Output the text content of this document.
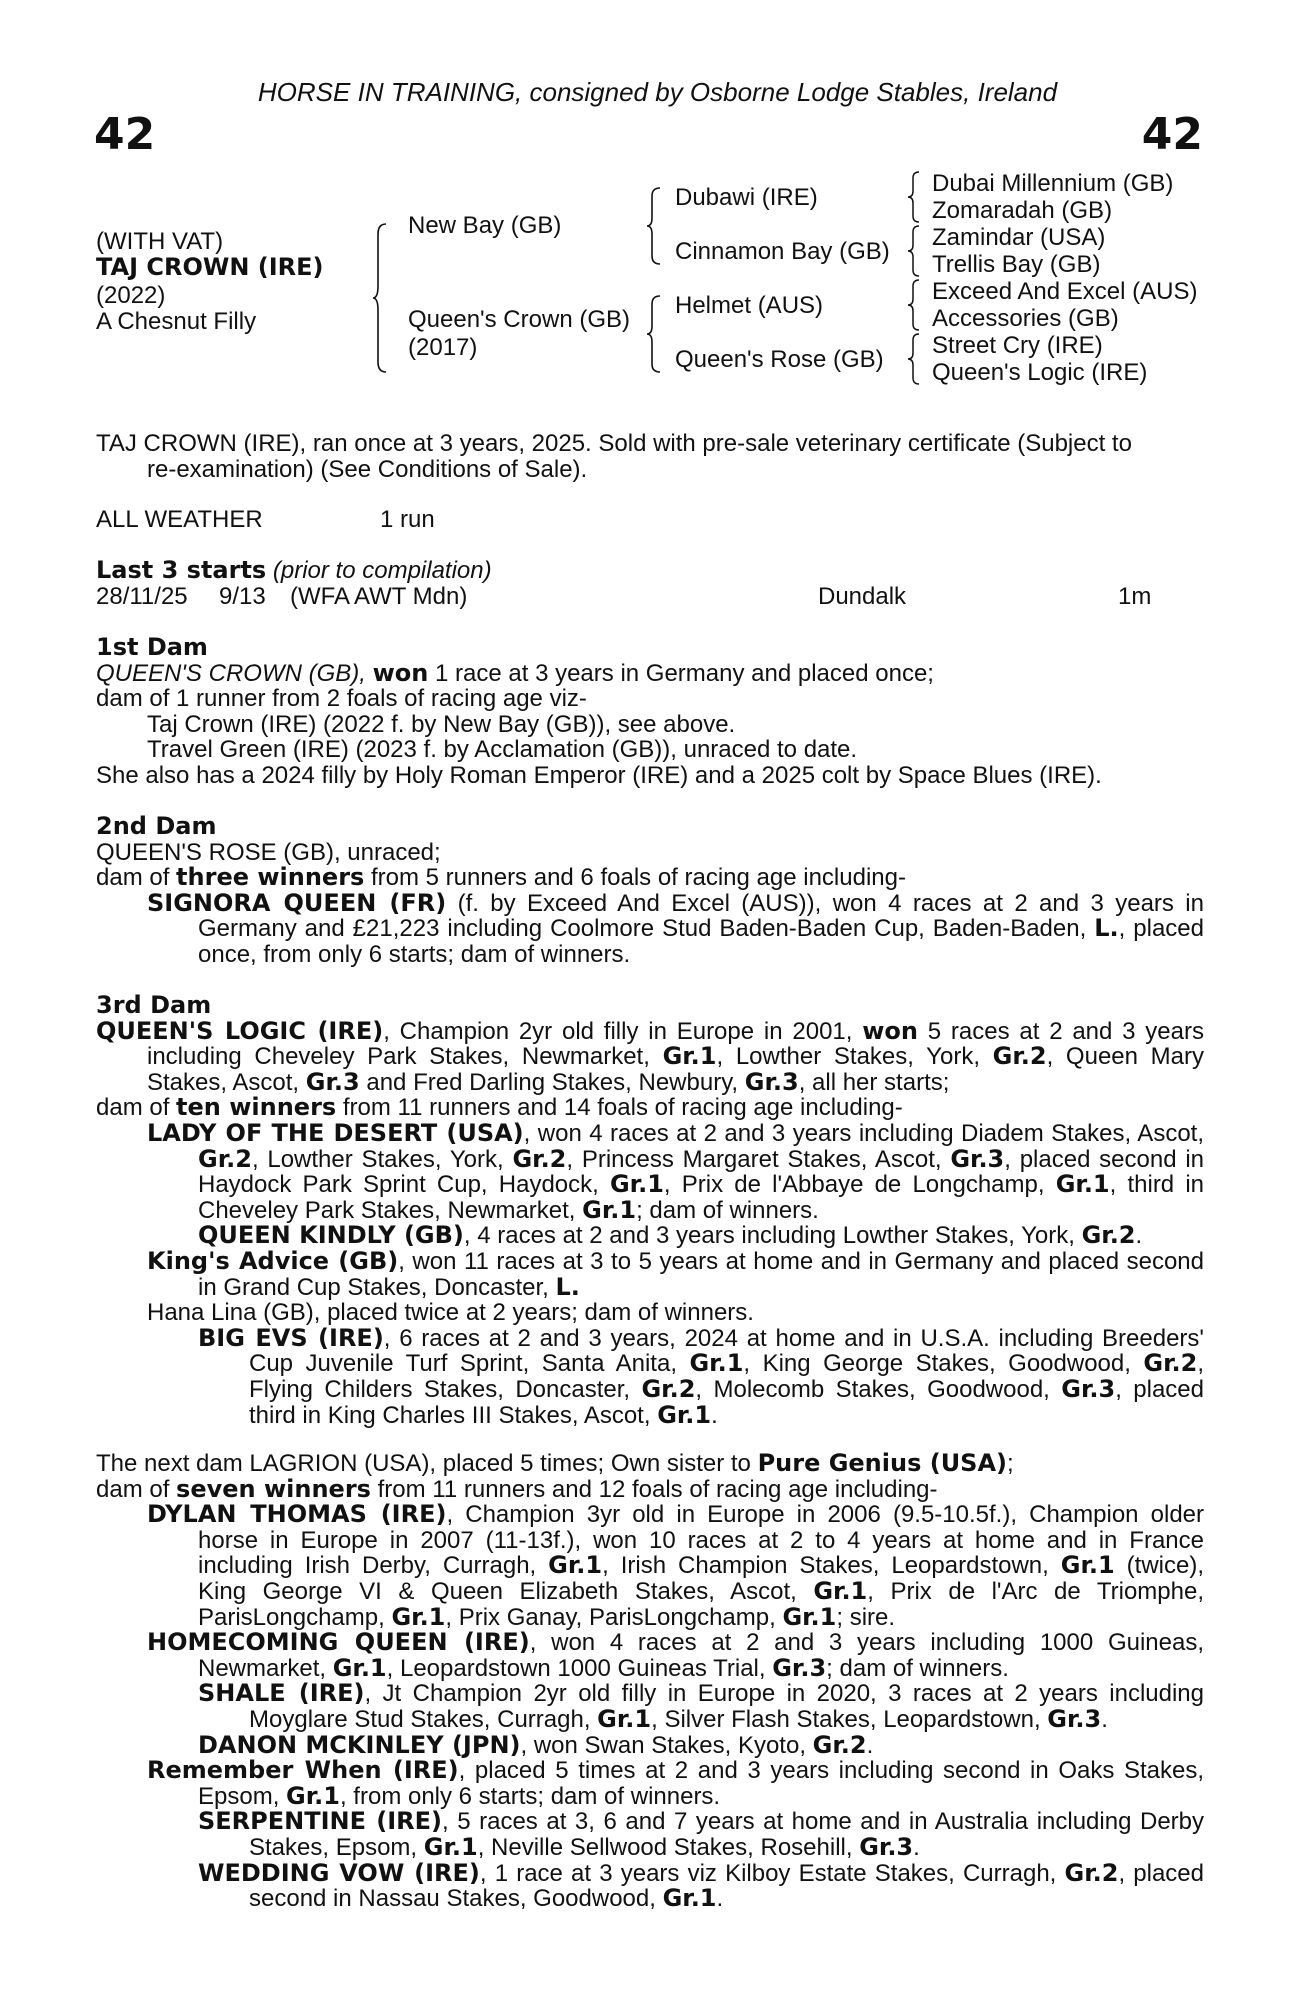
HORSE IN TRAINING, consigned by Osborne Lodge Stables, Ireland
42	42
(WITH VAT)
TAJ CROWN (IRE)
(2022)
A Chesnut Filly
New Bay (GB)
Queen's Crown (GB)
(2017)
Dubawi (IRE)
Cinnamon Bay (GB)
Helmet (AUS)
Queen's Rose (GB)
Dubai Millennium (GB)
Zomaradah (GB)
Zamindar (USA)
Trellis Bay (GB)
Exceed And Excel (AUS)
Accessories (GB)
Street Cry (IRE)
Queen's Logic (IRE)

TAJ CROWN (IRE), ran once at 3 years, 2025. Sold with pre-sale veterinary certificate (Subject to

re-examination) (See Conditions of Sale).

ALL WEATHER	1 run
Last 3 starts (prior to compilation)
28/11/25 9/13 (WFA AWT Mdn)	Dundalk	1m

1st Dam

QUEEN'S CROWN (GB), won 1 race at 3 years in Germany and placed once;

dam of 1 runner from 2 foals of racing age viz-

Taj Crown (IRE) (2022 f. by New Bay (GB)), see above.

Travel Green (IRE) (2023 f. by Acclamation (GB)), unraced to date.

She also has a 2024 filly by Holy Roman Emperor (IRE) and a 2025 colt by Space Blues (IRE).

2nd Dam

QUEEN'S ROSE (GB), unraced;

dam of three winners from 5 runners and 6 foals of racing age including-

SIGNORA QUEEN (FR) (f. by Exceed And Excel (AUS)), won 4 races at 2 and 3 years in Germany and £21,223 including Coolmore Stud Baden-Baden Cup, Baden-Baden, L., placed once, from only 6 starts; dam of winners.

3rd Dam

QUEEN'S LOGIC (IRE), Champion 2yr old filly in Europe in 2001, won 5 races at 2 and 3 years including Cheveley Park Stakes, Newmarket, Gr.1, Lowther Stakes, York, Gr.2, Queen Mary Stakes, Ascot, Gr.3 and Fred Darling Stakes, Newbury, Gr.3, all her starts;

dam of ten winners from 11 runners and 14 foals of racing age including-

LADY OF THE DESERT (USA), won 4 races at 2 and 3 years including Diadem Stakes, Ascot, Gr.2, Lowther Stakes, York, Gr.2, Princess Margaret Stakes, Ascot, Gr.3, placed second in Haydock Park Sprint Cup, Haydock, Gr.1, Prix de l'Abbaye de Longchamp, Gr.1, third in Cheveley Park Stakes, Newmarket, Gr.1; dam of winners.

QUEEN KINDLY (GB), 4 races at 2 and 3 years including Lowther Stakes, York, Gr.2.

King's Advice (GB), won 11 races at 3 to 5 years at home and in Germany and placed second in Grand Cup Stakes, Doncaster, L.

Hana Lina (GB), placed twice at 2 years; dam of winners.

BIG EVS (IRE), 6 races at 2 and 3 years, 2024 at home and in U.S.A. including Breeders' Cup Juvenile Turf Sprint, Santa Anita, Gr.1, King George Stakes, Goodwood, Gr.2, Flying Childers Stakes, Doncaster, Gr.2, Molecomb Stakes, Goodwood, Gr.3, placed third in King Charles III Stakes, Ascot, Gr.1.

The next dam LAGRION (USA), placed 5 times; Own sister to Pure Genius (USA);

dam of seven winners from 11 runners and 12 foals of racing age including-

DYLAN THOMAS (IRE), Champion 3yr old in Europe in 2006 (9.5-10.5f.), Champion older horse in Europe in 2007 (11-13f.), won 10 races at 2 to 4 years at home and in France including Irish Derby, Curragh, Gr.1, Irish Champion Stakes, Leopardstown, Gr.1 (twice), King George VI & Queen Elizabeth Stakes, Ascot, Gr.1, Prix de l'Arc de Triomphe, ParisLongchamp, Gr.1, Prix Ganay, ParisLongchamp, Gr.1; sire.

HOMECOMING QUEEN (IRE), won 4 races at 2 and 3 years including 1000 Guineas, Newmarket, Gr.1, Leopardstown 1000 Guineas Trial, Gr.3; dam of winners.

SHALE (IRE), Jt Champion 2yr old filly in Europe in 2020, 3 races at 2 years including Moyglare Stud Stakes, Curragh, Gr.1, Silver Flash Stakes, Leopardstown, Gr.3.

DANON MCKINLEY (JPN), won Swan Stakes, Kyoto, Gr.2.

Remember When (IRE), placed 5 times at 2 and 3 years including second in Oaks Stakes, Epsom, Gr.1, from only 6 starts; dam of winners.

SERPENTINE (IRE), 5 races at 3, 6 and 7 years at home and in Australia including Derby Stakes, Epsom, Gr.1, Neville Sellwood Stakes, Rosehill, Gr.3.

WEDDING VOW (IRE), 1 race at 3 years viz Kilboy Estate Stakes, Curragh, Gr.2, placed second in Nassau Stakes, Goodwood, Gr.1.
